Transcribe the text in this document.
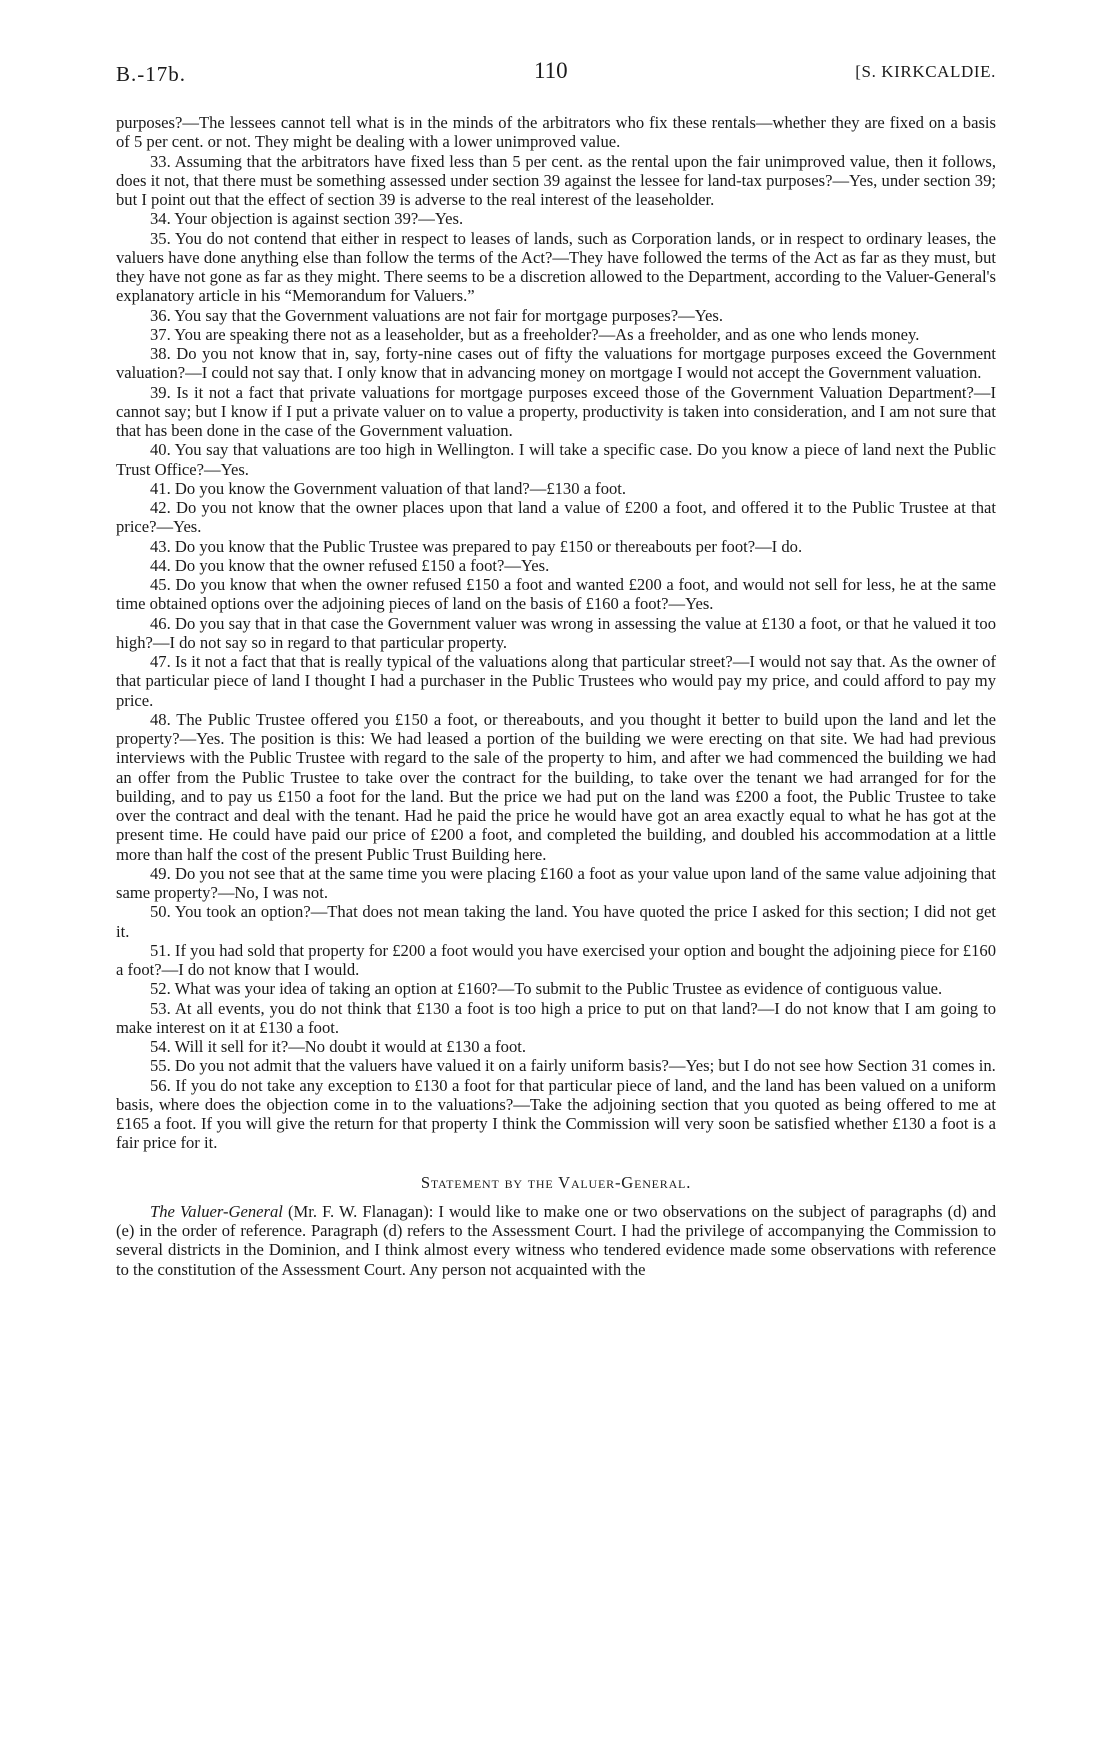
B.-17b.	110	[S. KIRKCALDIE.

purposes?—The lessees cannot tell what is in the minds of the arbitrators who fix these rentals—whether they are fixed on a basis of 5 per cent. or not. They might be dealing with a lower unimproved value.

33. Assuming that the arbitrators have fixed less than 5 per cent. as the rental upon the fair unimproved value, then it follows, does it not, that there must be something assessed under section 39 against the lessee for land-tax purposes?—Yes, under section 39; but I point out that the effect of section 39 is adverse to the real interest of the leaseholder.

34. Your objection is against section 39?—Yes.

35. You do not contend that either in respect to leases of lands, such as Corporation lands, or in respect to ordinary leases, the valuers have done anything else than follow the terms of the Act?—They have followed the terms of the Act as far as they must, but they have not gone as far as they might. There seems to be a discretion allowed to the Department, according to the Valuer-General's explanatory article in his “Memorandum for Valuers.”

36. You say that the Government valuations are not fair for mortgage purposes?—Yes.

37. You are speaking there not as a leaseholder, but as a freeholder?—As a freeholder, and as one who lends money.

38. Do you not know that in, say, forty-nine cases out of fifty the valuations for mortgage purposes exceed the Government valuation?—I could not say that. I only know that in advancing money on mortgage I would not accept the Government valuation.

39. Is it not a fact that private valuations for mortgage purposes exceed those of the Government Valuation Department?—I cannot say; but I know if I put a private valuer on to value a property, productivity is taken into consideration, and I am not sure that that has been done in the case of the Government valuation.

40. You say that valuations are too high in Wellington. I will take a specific case. Do you know a piece of land next the Public Trust Office?—Yes.

41. Do you know the Government valuation of that land?—£130 a foot.

42. Do you not know that the owner places upon that land a value of £200 a foot, and offered it to the Public Trustee at that price?—Yes.

43. Do you know that the Public Trustee was prepared to pay £150 or thereabouts per foot?—I do.

44. Do you know that the owner refused £150 a foot?—Yes.

45. Do you know that when the owner refused £150 a foot and wanted £200 a foot, and would not sell for less, he at the same time obtained options over the adjoining pieces of land on the basis of £160 a foot?—Yes.

46. Do you say that in that case the Government valuer was wrong in assessing the value at £130 a foot, or that he valued it too high?—I do not say so in regard to that particular property.

47. Is it not a fact that that is really typical of the valuations along that particular street?—I would not say that. As the owner of that particular piece of land I thought I had a purchaser in the Public Trustees who would pay my price, and could afford to pay my price.

48. The Public Trustee offered you £150 a foot, or thereabouts, and you thought it better to build upon the land and let the property?—Yes. The position is this: We had leased a portion of the building we were erecting on that site. We had had previous interviews with the Public Trustee with regard to the sale of the property to him, and after we had commenced the building we had an offer from the Public Trustee to take over the contract for the building, to take over the tenant we had arranged for for the building, and to pay us £150 a foot for the land. But the price we had put on the land was £200 a foot, the Public Trustee to take over the contract and deal with the tenant. Had he paid the price he would have got an area exactly equal to what he has got at the present time. He could have paid our price of £200 a foot, and completed the building, and doubled his accommodation at a little more than half the cost of the present Public Trust Building here.

49. Do you not see that at the same time you were placing £160 a foot as your value upon land of the same value adjoining that same property?—No, I was not.

50. You took an option?—That does not mean taking the land. You have quoted the price I asked for this section; I did not get it.

51. If you had sold that property for £200 a foot would you have exercised your option and bought the adjoining piece for £160 a foot?—I do not know that I would.

52. What was your idea of taking an option at £160?—To submit to the Public Trustee as evidence of contiguous value.

53. At all events, you do not think that £130 a foot is too high a price to put on that land?—I do not know that I am going to make interest on it at £130 a foot.

54. Will it sell for it?—No doubt it would at £130 a foot.

55. Do you not admit that the valuers have valued it on a fairly uniform basis?—Yes; but I do not see how Section 31 comes in.

56. If you do not take any exception to £130 a foot for that particular piece of land, and the land has been valued on a uniform basis, where does the objection come in to the valuations?—Take the adjoining section that you quoted as being offered to me at £165 a foot. If you will give the return for that property I think the Commission will very soon be satisfied whether £130 a foot is a fair price for it.

Statement by the Valuer-General.

The Valuer-General (Mr. F. W. Flanagan): I would like to make one or two observations on the subject of paragraphs (d) and (e) in the order of reference. Paragraph (d) refers to the Assessment Court. I had the privilege of accompanying the Commission to several districts in the Dominion, and I think almost every witness who tendered evidence made some observations with reference to the constitution of the Assessment Court. Any person not acquainted with the
